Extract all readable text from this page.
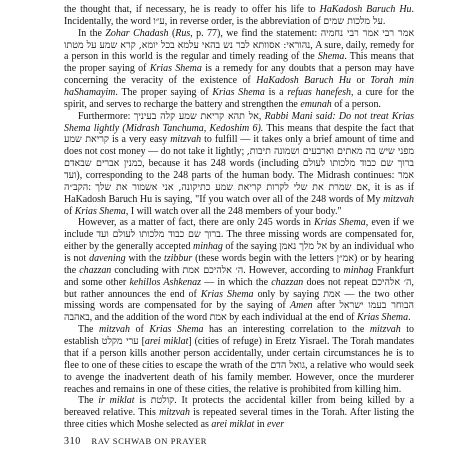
the thought that, if necessary, he is ready to offer his life to HaKadosh Baruch Hu. Incidentally, the word ע״ו, in reverse order, is the abbreviation of על מלכות שמים.

In the Zohar Chadash (Rus, p. 77), we find the statement: אמר רבי נחמיה אמר רבי נהוראי: אסוותא לבר נש בהאי עלמא בכל יומא, קרא שמע על מטתו, A sure, daily, remedy for a person in this world is the regular and timely reading of the Shema. This means that the proper saying of Krias Shema is a remedy for any doubts that a person may have concerning the veracity of the existence of HaKadosh Baruch Hu or Torah min haShamayim. The proper saying of Krias Shema is a refuas hanefesh, a cure for the spirit, and serves to recharge the battery and strengthen the emunah of a person.

Furthermore: אל תהא קריאת שמע קלה בעיניך, Rabbi Mani said: Do not treat Krias Shema lightly (Midrash Tanchuma, Kedoshim 6). This means that despite the fact that קריאת שמע is a very easy mitzvah to fulfill — it takes only a brief amount of time and does not cost money — do not take it lightly; מפני שיש בה מאתים וארבעים ושמונה תיבות, כמנין אברים שבאדם, because it has 248 words (including ברוך שם כבוד מלכותו לעולם ועד), corresponding to the 248 parts of the human body. The Midrash continues: אמר הקב״ה: אם שמרת את שלי לקרות קריאת שמע כתיקונה, אני אשמור את שלך, it is as if HaKadosh Baruch Hu is saying, "If you watch over all of the 248 words of My mitzvah of Krias Shema, I will watch over all the 248 members of your body."

However, as a matter of fact, there are only 245 words in Krias Shema, even if we include ברוך שם כבוד מלכותו לעולם ועד. The three missing words are compensated for, either by the generally accepted minhag of the saying אל מלך נאמן by an individual who is not davening with the tzibbur (these words begin with the letters אמ״ן) or by hearing the chazzan concluding with ה׳ אלהיכם אמת. However, according to minhag Frankfurt and some other kehillos Ashkenaz — in which the chazzan does not repeat ה׳ אלהיכם, but rather announces the end of Krias Shema only by saying אמת — the two other missing words are compensated for by the saying of Amen after הבוחר בעמו ישראל באהבה, and the addition of the word אמת by each individual at the end of Krias Shema.

The mitzvah of Krias Shema has an interesting correlation to the mitzvah to establish ערי מקלט [arei miklat] (cities of refuge) in Eretz Yisrael. The Torah mandates that if a person kills another person accidentally, under certain circumstances he is to flee to one of these cities to escape the wrath of the גואל הדם, a relative who would seek to avenge the inadvertent death of his family member. However, once the murderer reaches and remains in one of these cities, the relative is prohibited from killing him.

The ir miklat is קולטת. It protects the accidental killer from being killed by a bereaved relative. This mitzvah is repeated several times in the Torah. After listing the three cities which Moshe selected as arei miklat in ever

310 RAV SCHWAB ON PRAYER
